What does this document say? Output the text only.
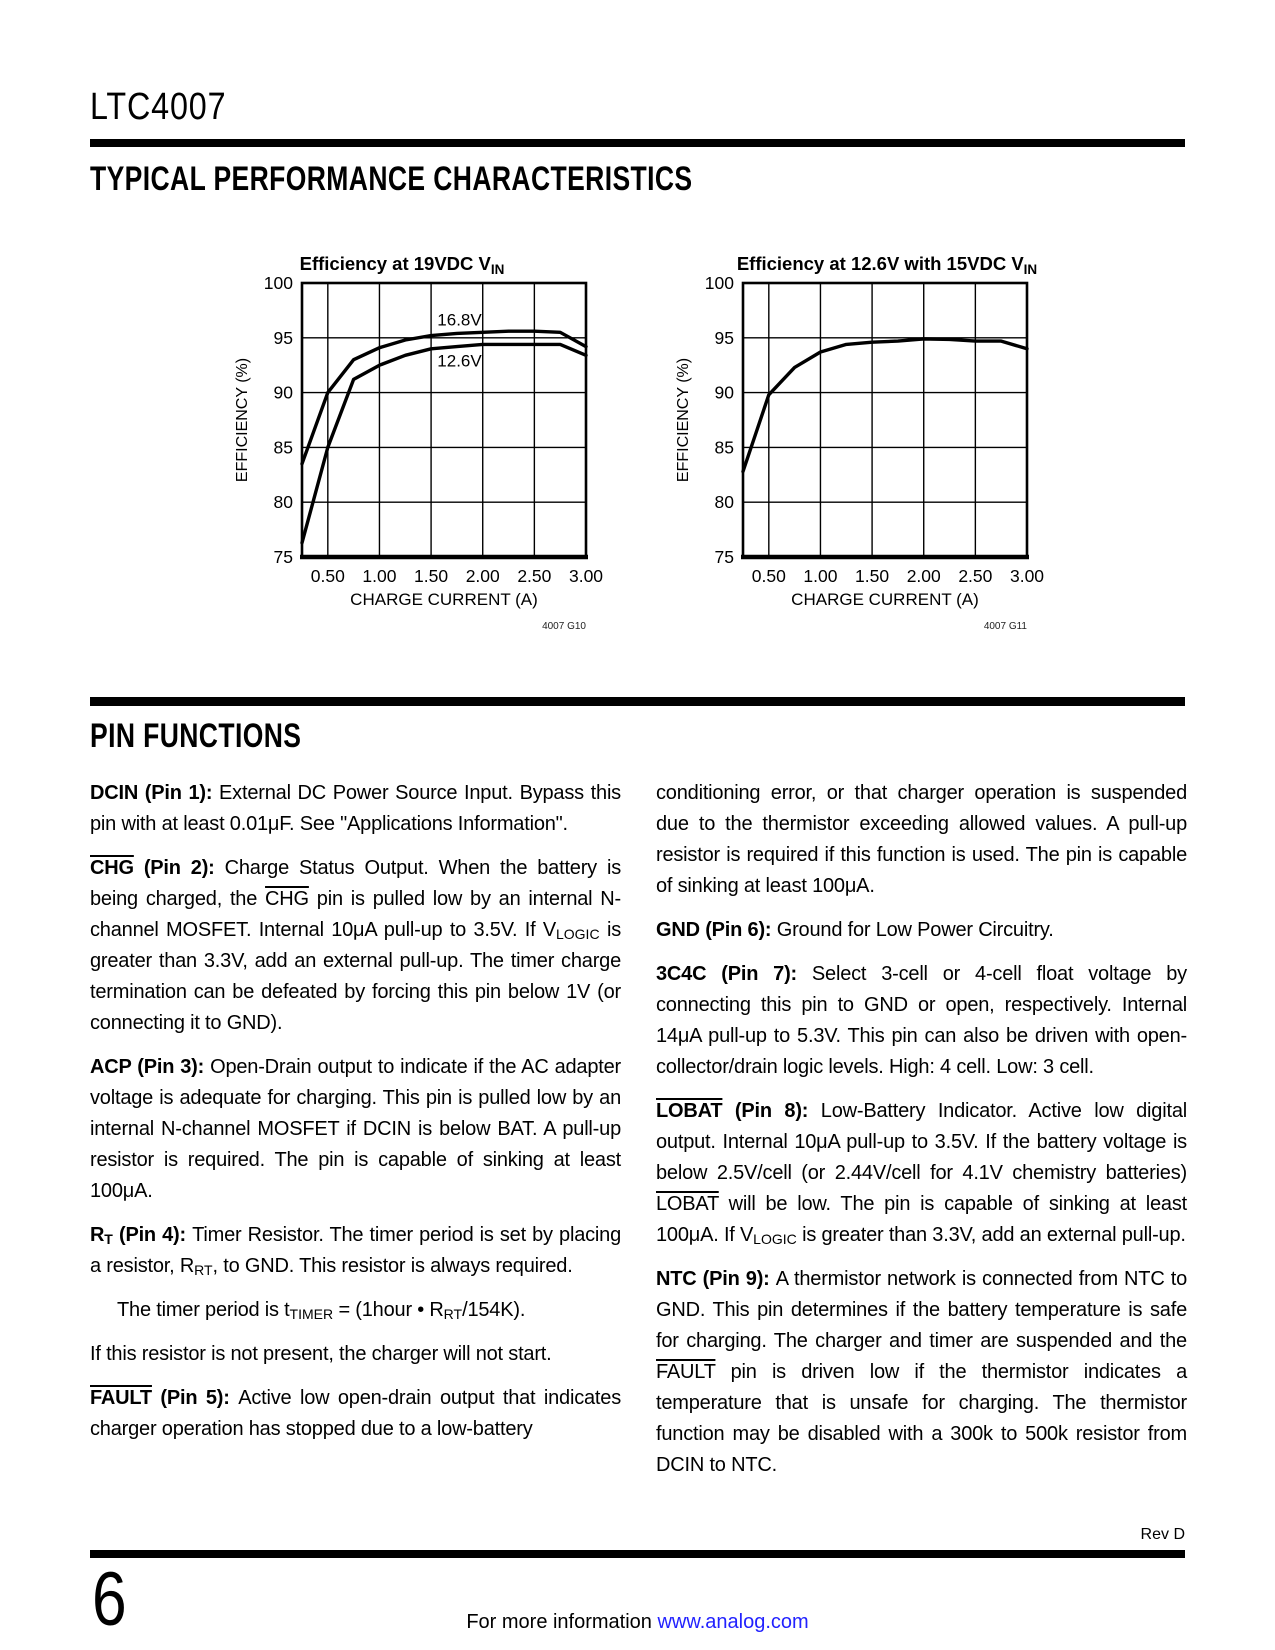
LTC4007
TYPICAL PERFORMANCE CHARACTERISTICS
0.50 1.00 1.50 2.00 2.50 3.00
75
80
85
90
95
100
CHARGE CURRENT (A)
EFFICIENCY (%)
Efficiency at 19VDC $V_{IN}$
16.8V
12.6V
4007 G10
0.50 1.00 1.50 2.00 2.50 3.00
75
80
85
90
95
100
CHARGE CURRENT (A)
EFFICIENCY (%)
Efficiency at 12.6V with 15VDC $V_{IN}$
4007 G11
PIN FUNCTIONS
DCIN (Pin 1): External DC Power Source Input. Bypass this pin with at least 0.01μF. See "Applications Information".
$\overline{CHG}$ (Pin 2): Charge Status Output. When the battery is being charged, the $\overline{CHG}$ pin is pulled low by an internal N-channel MOSFET. Internal 10μA pull-up to 3.5V. If VLOGIC is greater than 3.3V, add an external pull-up. The timer charge termination can be defeated by forcing this pin below 1V (or connecting it to GND).
ACP (Pin 3): Open-Drain output to indicate if the AC adapter voltage is adequate for charging. This pin is pulled low by an internal N-channel MOSFET if DCIN is below BAT. A pull-up resistor is required. The pin is capable of sinking at least 100μA.
RT (Pin 4): Timer Resistor. The timer period is set by placing a resistor, RRT, to GND. This resistor is always required.
The timer period is tTIMER = (1hour • RRT/154K).
If this resistor is not present, the charger will not start.
FAULT (Pin 5): Active low open-drain output that indicates charger operation has stopped due to a low-battery
conditioning error, or that charger operation is suspended due to the thermistor exceeding allowed values. A pull-up resistor is required if this function is used. The pin is capable of sinking at least 100μA.
GND (Pin 6): Ground for Low Power Circuitry.
3C4C (Pin 7): Select 3-cell or 4-cell float voltage by connecting this pin to GND or open, respectively. Internal 14μA pull-up to 5.3V. This pin can also be driven with open-collector/drain logic levels. High: 4 cell. Low: 3 cell.
LOBAT (Pin 8): Low-Battery Indicator. Active low digital output. Internal 10μA pull-up to 3.5V. If the battery voltage is below 2.5V/cell (or 2.44V/cell for 4.1V chemistry batteries) LOBAT will be low. The pin is capable of sinking at least 100μA. If VLOGIC is greater than 3.3V, add an external pull-up.
NTC (Pin 9): A thermistor network is connected from NTC to GND. This pin determines if the battery temperature is safe for charging. The charger and timer are suspended and the FAULT pin is driven low if the thermistor indicates a temperature that is unsafe for charging. The thermistor function may be disabled with a 300k to 500k resistor from DCIN to NTC.
Rev D
6	For more information www.analog.com
